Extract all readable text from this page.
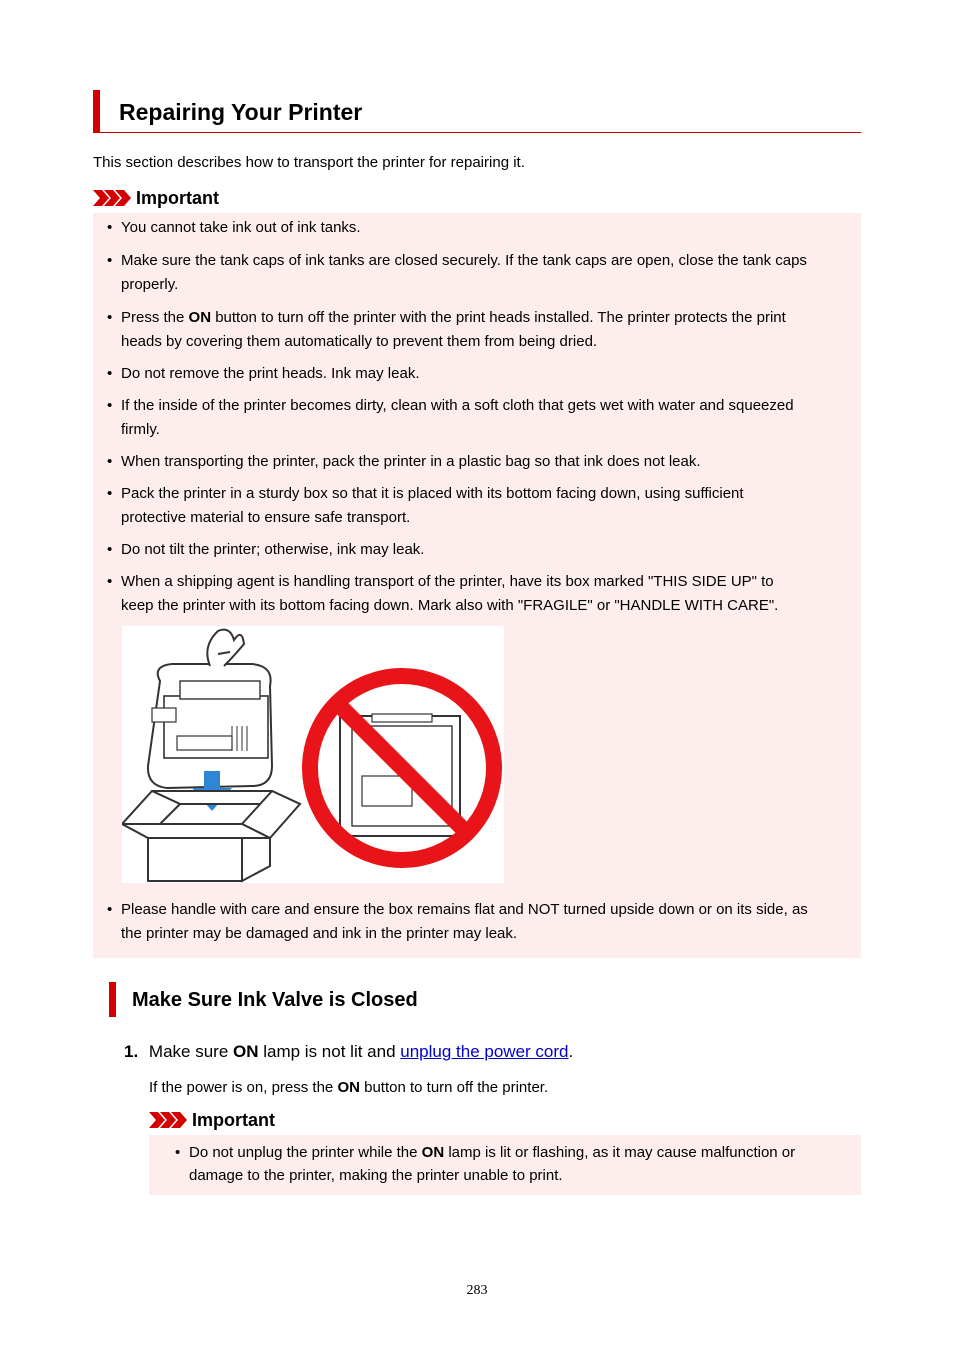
Repairing Your Printer
This section describes how to transport the printer for repairing it.
Important
• You cannot take ink out of ink tanks.
• Make sure the tank caps of ink tanks are closed securely. If the tank caps are open, close the tank caps
properly.
• Press the ON button to turn off the printer with the print heads installed. The printer protects the print
heads by covering them automatically to prevent them from being dried.
• Do not remove the print heads. Ink may leak.
• If the inside of the printer becomes dirty, clean with a soft cloth that gets wet with water and squeezed
firmly.
• When transporting the printer, pack the printer in a plastic bag so that ink does not leak.
• Pack the printer in a sturdy box so that it is placed with its bottom facing down, using sufficient
protective material to ensure safe transport.
• Do not tilt the printer; otherwise, ink may leak.
• When a shipping agent is handling transport of the printer, have its box marked "THIS SIDE UP" to
keep the printer with its bottom facing down. Mark also with "FRAGILE" or "HANDLE WITH CARE".
• Please handle with care and ensure the box remains flat and NOT turned upside down or on its side, as
the printer may be damaged and ink in the printer may leak.
Make Sure Ink Valve is Closed
1. Make sure ON lamp is not lit and unplug the power cord.
If the power is on, press the ON button to turn off the printer.
Important
• Do not unplug the printer while the ON lamp is lit or flashing, as it may cause malfunction or
damage to the printer, making the printer unable to print.
283
